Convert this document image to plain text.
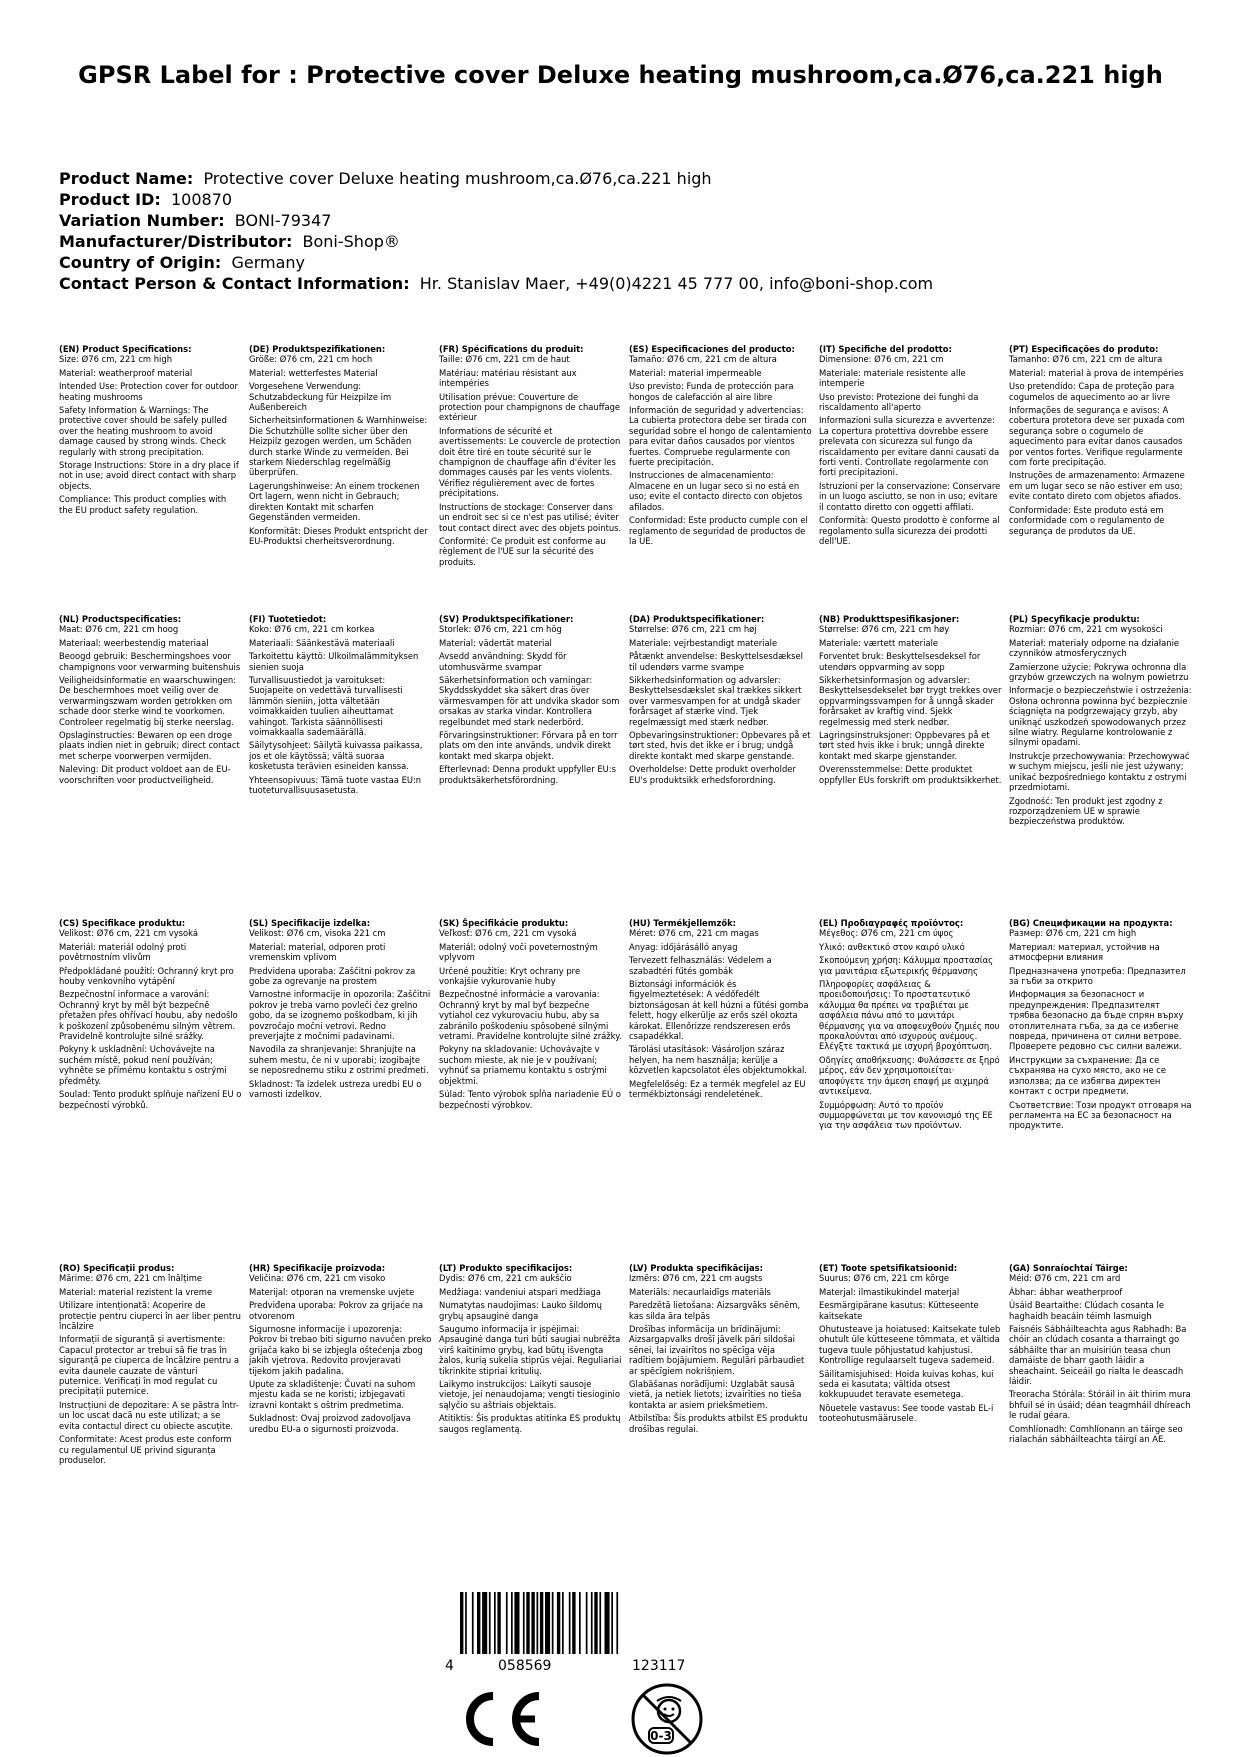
GPSR Label for : Protective cover Deluxe heating mushroom,ca.Ø76,ca.221 high
Product Name: Protective cover Deluxe heating mushroom,ca.Ø76,ca.221 high
Product ID: 100870
Variation Number: BONI-79347
Manufacturer/Distributor: Boni-Shop®
Country of Origin: Germany
Contact Person & Contact Information: Hr. Stanislav Maer, +49(0)4221 45 777 00, info@boni-shop.com
(EN) Product Specifications:
Size: Ø76 cm, 221 cm high
Material: weatherproof material
Intended Use: Protection cover for outdoor heating mushrooms
Safety Information & Warnings: The protective cover should be safely pulled over the heating mushroom to avoid damage caused by strong winds. Check regularly with strong precipitation.
Storage Instructions: Store in a dry place if not in use; avoid direct contact with sharp objects.
Compliance: This product complies with the EU product safety regulation.
(DE) Produktspezifikationen:
Größe: Ø76 cm, 221 cm hoch
Material: wetterfestes Material
Vorgesehene Verwendung: Schutzabdeckung für Heizpilze im Außenbereich
Sicherheitsinformationen & Warnhinweise: Die Schutzhülle sollte sicher über den Heizpilz gezogen werden, um Schäden durch starke Winde zu vermeiden. Bei starkem Niederschlag regelmäßig überprüfen.
Lagerungshinweise: An einem trockenen Ort lagern, wenn nicht in Gebrauch; direkten Kontakt mit scharfen Gegenständen vermeiden.
Konformität: Dieses Produkt entspricht der EU-Produktsi cherheitsverordnung.
(FR) Spécifications du produit:
Taille: Ø76 cm, 221 cm de haut
Matériau: matériau résistant aux intempéries
Utilisation prévue: Couverture de protection pour champignons de chauffage extérieur
Informations de sécurité et avertissements: Le couvercle de protection doit être tiré en toute sécurité sur le champignon de chauffage afin d'éviter les dommages causés par les vents violents. Vérifiez régulièrement avec de fortes précipitations.
Instructions de stockage: Conserver dans un endroit sec si ce n'est pas utilisé; éviter tout contact direct avec des objets pointus.
Conformité: Ce produit est conforme au règlement de l'UE sur la sécurité des produits.
(ES) Especificaciones del producto:
Tamaño: Ø76 cm, 221 cm de altura
Material: material impermeable
Uso previsto: Funda de protección para hongos de calefacción al aire libre
Información de seguridad y advertencias: La cubierta protectora debe ser tirada con seguridad sobre el hongo de calentamiento para evitar daños causados por vientos fuertes. Compruebe regularmente con fuerte precipitación.
Instrucciones de almacenamiento: Almacene en un lugar seco si no está en uso; evite el contacto directo con objetos afilados.
Conformidad: Este producto cumple con el reglamento de seguridad de productos de la UE.
(IT) Specifiche del prodotto:
Dimensione: Ø76 cm, 221 cm
Materiale: materiale resistente alle intemperie
Uso previsto: Protezione dei funghi da riscaldamento all'aperto
Informazioni sulla sicurezza e avvertenze: La copertura protettiva dovrebbe essere prelevata con sicurezza sul fungo da riscaldamento per evitare danni causati da forti venti. Controllate regolarmente con forti precipitazioni.
Istruzioni per la conservazione: Conservare in un luogo asciutto, se non in uso; evitare il contatto diretto con oggetti affilati.
Conformità: Questo prodotto è conforme al regolamento sulla sicurezza dei prodotti dell'UE.
(PT) Especificações do produto:
Tamanho: Ø76 cm, 221 cm de altura
Material: material à prova de intempéries
Uso pretendido: Capa de proteção para cogumelos de aquecimento ao ar livre
Informações de segurança e avisos: A cobertura protetora deve ser puxada com segurança sobre o cogumelo de aquecimento para evitar danos causados por ventos fortes. Verifique regularmente com forte precipitação.
Instruções de armazenamento: Armazene em um lugar seco se não estiver em uso; evite contato direto com objetos afiados.
Conformidade: Este produto está em conformidade com o regulamento de segurança de produtos da UE.
(NL) Productspecificaties:
Maat: Ø76 cm, 221 cm hoog
Materiaal: weerbestendig materiaal
Beoogd gebruik: Beschermingshoes voor champignons voor verwarming buitenshuis
Veiligheidsinformatie en waarschuwingen: De beschermhoes moet veilig over de verwarmingszwam worden getrokken om schade door sterke wind te voorkomen. Controleer regelmatig bij sterke neerslag.
Opslaginstructies: Bewaren op een droge plaats indien niet in gebruik; direct contact met scherpe voorwerpen vermijden.
Naleving: Dit product voldoet aan de EU-voorschriften voor productveiligheid.
(FI) Tuotetiedot:
Koko: Ø76 cm, 221 cm korkea
Materiaali: Säänkestävä materiaali
Tarkoitettu käyttö: Ulkoilmalämmityksen sienien suoja
Turvallisuustiedot ja varoitukset: Suojapeite on vedettävä turvallisesti lämmön sieniin, jotta vältetään voimakkaiden tuulien aiheuttamat vahingot. Tarkista säännöllisesti voimakkaalla sademäärällä.
Säilytysohjeet: Säilytä kuivassa paikassa, jos et ole käytössä; vältä suoraa kosketusta terävien esineiden kanssa.
Yhteensopivuus: Tämä tuote vastaa EU:n tuoteturvallisuusasetusta.
(SV) Produktspecifikationer:
Storlek: Ø76 cm, 221 cm hög
Material: vädertät material
Avsedd användning: Skydd för utomhusvärme svampar
Säkerhetsinformation och varningar: Skyddsskyddet ska säkert dras över värmesvampen för att undvika skador som orsakas av starka vindar. Kontrollera regelbundet med stark nederbörd.
Förvaringsinstruktioner: Förvara på en torr plats om den inte används, undvik direkt kontakt med skarpa objekt.
Efterlevnad: Denna produkt uppfyller EU:s produktsäkerhetsförordning.
(DA) Produktspecifikationer:
Størrelse: Ø76 cm, 221 cm høj
Materiale: vejrbestandigt materiale
Påtænkt anvendelse: Beskyttelsesdæksel til udendørs varme svampe
Sikkerhedsinformation og advarsler: Beskyttelsesdækslet skal trækkes sikkert over varmesvampen for at undgå skader forårsaget af stærke vind. Tjek regelmæssigt med stærk nedbør.
Opbevaringsinstruktioner: Opbevares på et tørt sted, hvis det ikke er i brug; undgå direkte kontakt med skarpe genstande.
Overholdelse: Dette produkt overholder EU's produktsikk erhedsforordning.
(NB) Produkttspesifikasjoner:
Størrelse: Ø76 cm, 221 cm høy
Materiale: værtett materiale
Forventet bruk: Beskyttelsesdeksel for utendørs oppvarming av sopp
Sikkerhetsinformasjon og advarsler: Beskyttelsesdekselet bør trygt trekkes over oppvarmingssvampen for å unngå skader forårsaket av kraftig vind. Sjekk regelmessig med sterk nedbør.
Lagringsinstruksjoner: Oppbevares på et tørt sted hvis ikke i bruk; unngå direkte kontakt med skarpe gjenstander.
Overensstemmelse: Dette produktet oppfyller EUs forskrift om produktsikkerhet.
(PL) Specyfikacje produktu:
Rozmiar: Ø76 cm, 221 cm wysokości
Materiał: materiały odporne na działanie czynników atmosferycznych
Zamierzone użycie: Pokrywa ochronna dla grzybów grzewczych na wolnym powietrzu
Informacje o bezpieczeństwie i ostrzeżenia: Osłona ochronna powinna być bezpiecznie ściągnięta na podgrzewający grzyb, aby uniknąć uszkodzeń spowodowanych przez silne wiatry. Regularne kontrolowanie z silnymi opadami.
Instrukcje przechowywania: Przechowywać w suchym miejscu, jeśli nie jest używany; unikać bezpośredniego kontaktu z ostrymi przedmiotami.
Zgodność: Ten produkt jest zgodny z rozporządzeniem UE w sprawie bezpieczeństwa produktów.
(CS) Specifikace produktu:
Velikost: Ø76 cm, 221 cm vysoká
Materiál: materiál odolný proti povětrnostním vlivům
Předpokládané použití: Ochranný kryt pro houby venkovního vytápění
Bezpečnostní informace a varování: Ochranný kryt by měl být bezpečně přetažen přes ohřívací houbu, aby nedošlo k poškození způsobenému silným větrem. Pravidelně kontrolujte silné srážky.
Pokyny k uskladnění: Uchovávejte na suchém místě, pokud není používán; vyhněte se přímému kontaktu s ostrými předměty.
Soulad: Tento produkt splňuje nařízení EU o bezpečnosti výrobků.
(SL) Specifikacije izdelka:
Velikost: Ø76 cm, visoka 221 cm
Material: material, odporen proti vremenskim vplivom
Predvidena uporaba: Zaščitni pokrov za gobe za ogrevanje na prostem
Varnostne informacije in opozorila: Zaščitni pokrov je treba varno povleči čez grelno gobo, da se izognemo poškodbam, ki jih povzročajo močni vetrovi. Redno preverjajte z močnimi padavinami.
Navodila za shranjevanje: Shranjujte na suhem mestu, če ni v uporabi; izogibajte se neposrednemu stiku z ostrimi predmeti.
Skladnost: Ta izdelek ustreza uredbi EU o varnosti izdelkov.
(SK) Špecifikácie produktu:
Veľkosť: Ø76 cm, 221 cm vysoká
Materiál: odolný voči poveternostným vplyvom
Určené použitie: Kryt ochrany pre vonkajšie vykurovanie huby
Bezpečnostné informácie a varovania: Ochranný kryt by mal byť bezpečne vytiahol cez vykurovaciu hubu, aby sa zabránilo poškodeniu spôsobené silnými vetrami. Pravidelne kontrolujte silné zrážky.
Pokyny na skladovanie: Uchovávajte v suchom mieste, ak nie je v používaní; vyhnúť sa priamemu kontaktu s ostrými objektmi.
Súlad: Tento výrobok spĺňa nariadenie EÚ o bezpečnosti výrobkov.
(HU) Termékjellemzők:
Méret: Ø76 cm, 221 cm magas
Anyag: időjárásálló anyag
Tervezett felhasználás: Védelem a szabadtéri fűtés gombák
Biztonsági információk és figyelmeztetések: A védőfedélt biztonságosan át kell húzni a fűtési gomba felett, hogy elkerülje az erős szél okozta károkat. Ellenőrizze rendszeresen erős csapadékkal.
Tárolási utasítások: Vásároljon száraz helyen, ha nem használja; kerülje a közvetlen kapcsolatot éles objektumokkal.
Megfelelőség: Ez a termék megfelel az EU termékbiztonsági rendeletének.
(EL) Προδιαγραφές προϊόντος:
Μέγεθος: Ø76 cm, 221 cm ύψος
Υλικό: ανθεκτικό στον καιρό υλικό
Σκοπούμενη χρήση: Κάλυμμα προστασίας για μανιτάρια εξωτερικής θέρμανσης
Πληροφορίες ασφάλειας & προειδοποιήσεις: Το προστατευτικό κάλυμμα θα πρέπει να τραβιέται με ασφάλεια πάνω από το μανιτάρι θέρμανσης για να αποφευχθούν ζημιές που προκαλούνται από ισχυρούς ανέμους. Ελέγξτε τακτικά με ισχυρή βροχόπτωση.
Οδηγίες αποθήκευσης: Φυλάσσετε σε ξηρό μέρος, εάν δεν χρησιμοποιείται· αποφύγετε την άμεση επαφή με αιχμηρά αντικείμενα.
Συμμόρφωση: Αυτό το προϊόν συμμορφώνεται με τον κανονισμό της ΕΕ για την ασφάλεια των προϊόντων.
(BG) Спецификации на продукта:
Размер: Ø76 cm, 221 cm high
Материал: материал, устойчив на атмосферни влияния
Предназначена употреба: Предпазител за гъби за открито
Информация за безопасност и предупреждения: Предпазителят трябва безопасно да бъде спрян върху отоплителната гъба, за да се избегне повреда, причинена от силни ветрове. Проверете редовно със силни валежи.
Инструкции за съхранение: Да се съхранява на сухо място, ако не се използва; да се избягва директен контакт с остри предмети.
Съответствие: Този продукт отговаря на регламента на ЕС за безопасност на продуктите.
(RO) Specificații produs:
Mărime: Ø76 cm, 221 cm înălțime
Material: material rezistent la vreme
Utilizare intenționată: Acoperire de protecție pentru ciuperci în aer liber pentru încălzire
Informații de siguranță și avertismente: Capacul protector ar trebui să fie tras în siguranță pe ciuperca de încălzire pentru a evita daunele cauzate de vânturi puternice. Verificați în mod regulat cu precipitații puternice.
Instrucțiuni de depozitare: A se păstra într-un loc uscat dacă nu este utilizat; a se evita contactul direct cu obiecte ascuțite.
Conformitate: Acest produs este conform cu regulamentul UE privind siguranța produselor.
(HR) Specifikacije proizvoda:
Veličina: Ø76 cm, 221 cm visoko
Materijal: otporan na vremenske uvjete
Predviđena uporaba: Pokrov za grijaće na otvorenom
Sigurnosne informacije i upozorenja: Pokrov bi trebao biti sigurno navučen preko grijača kako bi se izbjegla oštećenja zbog jakih vjetrova. Redovito provjeravati tijekom jakih padalina.
Upute za skladištenje: Čuvati na suhom mjestu kada se ne koristi; izbjegavati izravni kontakt s oštrim predmetima.
Sukladnost: Ovaj proizvod zadovoljava uredbu EU-a o sigurnosti proizvoda.
(LT) Produkto specifikacijos:
Dydis: Ø76 cm, 221 cm aukščio
Medžiaga: vandeniui atspari medžiaga
Numatytas naudojimas: Lauko šildomų grybų apsauginė danga
Saugumo informacija ir įspėjimai: Apsauginė danga turi būti saugiai nubrėžta virš kaitinimo grybų, kad būtų išvengta žalos, kurią sukelia stiprūs vėjai. Reguliariai tikrinkite stipriai kritulių.
Laikymo instrukcijos: Laikyti sausoje vietoje, jei nenaudojama; vengti tiesioginio sąlyčio su aštriais objektais.
Atitiktis: Šis produktas atitinka ES produktų saugos reglamentą.
(LV) Produkta specifikācijas:
Izmērs: Ø76 cm, 221 cm augsts
Materiāls: necaurlaidīgs materiāls
Paredzētā lietošana: Aizsargvāks sēnēm, kas silda āra telpās
Drošības informācija un brīdinājumi: Aizsargapvalks drošī jāvelk pāri sildošai sēnei, lai izvairītos no spēcīga vēja radītiem bojājumiem. Regulāri pārbaudiet ar spēcīgiem nokrišņiem.
Glabāšanas norādījumi: Uzglabāt sausā vietā, ja netiek lietots; izvairīties no tieša kontakta ar asiem priekšmetiem.
Atbilstība: Šis produkts atbilst ES produktu drošības regulai.
(ET) Toote spetsifikatsioonid:
Suurus: Ø76 cm, 221 cm kõrge
Materjal: ilmastikukindel materjal
Eesmärgipärane kasutus: Kütteseente kaitsekate
Ohutusteave ja hoiatused: Kaitsekate tuleb ohutult üle kütteseene tõmmata, et vältida tugeva tuule põhjustatud kahjustusi. Kontrollige regulaarselt tugeva sademeid.
Säilitamisjuhised: Hoida kuivas kohas, kui seda ei kasutata; vältida otsest kokkupuudet teravate esemetega.
Nõuetele vastavus: See toode vastab EL-i tooteohutusmäärusele.
(GA) Sonraíochtaí Táirge:
Méid: Ø76 cm, 221 cm ard
Ábhar: ábhar weatherproof
Úsáid Beartaithe: Clúdach cosanta le haghaidh beacáin téimh lasmuigh
Faisnéis Sábháilteachta agus Rabhadh: Ba chóir an clúdach cosanta a tharraingt go sábháilte thar an muisiriún teasa chun damáiste de bharr gaoth láidir a sheachaint. Seiceáil go rialta le deascadh láidir.
Treoracha Stórála: Stóráil in áit thirim mura bhfuil sé in úsáid; déan teagmháil dhíreach le rudaí géara.
Comhlíonadh: Comhlíonann an táirge seo rialachán sábháilteachta táirgí an AE.
4	058569	123117
0-3
